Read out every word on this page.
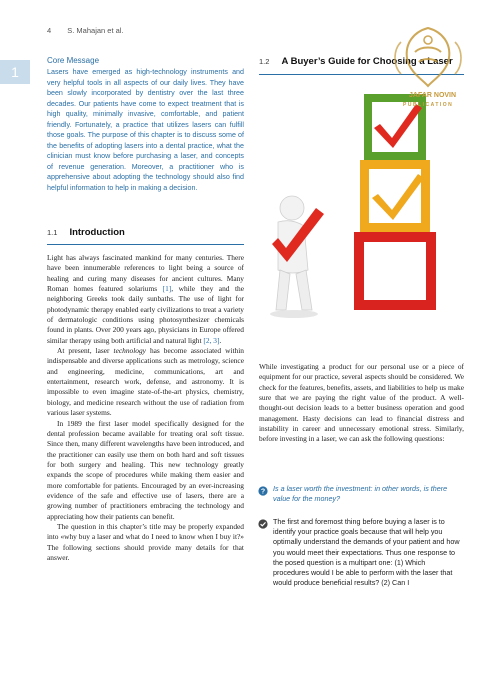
4 S. Mahajan et al.
1
Core Message
Lasers have emerged as high-technology instruments and very helpful tools in all aspects of our daily lives. They have been slowly incorporated by dentistry over the last three decades. Our patients have come to expect treatment that is high quality, minimally invasive, comfortable, and patient friendly. Fortunately, a practice that utilizes lasers can fulfill those goals. The purpose of this chapter is to discuss some of the benefits of adopting lasers into a dental practice, what the clinician must know before purchasing a laser, and concepts of revenue generation. Moreover, a practitioner who is apprehensive about adopting the technology should also find helpful information to help in making a decision.
1.1 Introduction

Light has always fascinated mankind for many centuries. There have been innumerable references to light being a source of healing and curing many diseases for ancient cultures. Many Roman homes featured solariums [1], while they and the neighboring Greeks took daily sunbaths. The use of light for photodynamic therapy enabled early civilizations to treat a variety of dermatologic conditions using photosynthesizer chemicals found in plants. Over 200 years ago, physicians in Europe offered similar therapy using both artificial and natural light [2, 3].

At present, laser technology has become associated within indispensable and diverse applications such as metrology, science and engineering, medicine, communications, art and entertainment, research work, defense, and astronomy. It is impossible to even imagine state-of-the-art physics, chemistry, biology, and medicine research without the use of radiation from various laser systems.

In 1989 the first laser model specifically designed for the dental profession became available for treating oral soft tissue. Since then, many different wavelengths have been introduced, and the practitioner can easily use them on both hard and soft tissues for both surgery and healing. This new technology greatly expands the scope of procedures while making them easier and more comfortable for patients. Encouraged by an ever-increasing evidence of the safe and effective use of lasers, there are a growing number of practitioners embracing the technology and appreciating how their patients can benefit.

The question in this chapter’s title may be properly expanded into «why buy a laser and what do I need to know when I buy it?» The following sections should provide many details for that answer.

1.2 A Buyer’s Guide for Choosing a Laser
JAFAR NOVIN
PUBLICATION

While investigating a product for our personal use or a piece of equipment for our practice, several aspects should be considered. We check for the features, benefits, assets, and liabilities to help us make sure that we are paying the right value of the product. A well-thought-out decision leads to a better business operation and good management. Hasty decisions can lead to financial distress and instability in career and unnecessary emotional stress. Similarly, before investing in a laser, we can ask the following questions:

? Is a laser worth the investment: in other words, is there value for the money?
The first and foremost thing before buying a laser is to identify your practice goals because that will help you optimally understand the demands of your patient and how you would meet their expectations. Thus one response to the posed question is a multipart one: (1) Which procedures would I be able to perform with the laser that would produce beneficial results? (2) Can I
